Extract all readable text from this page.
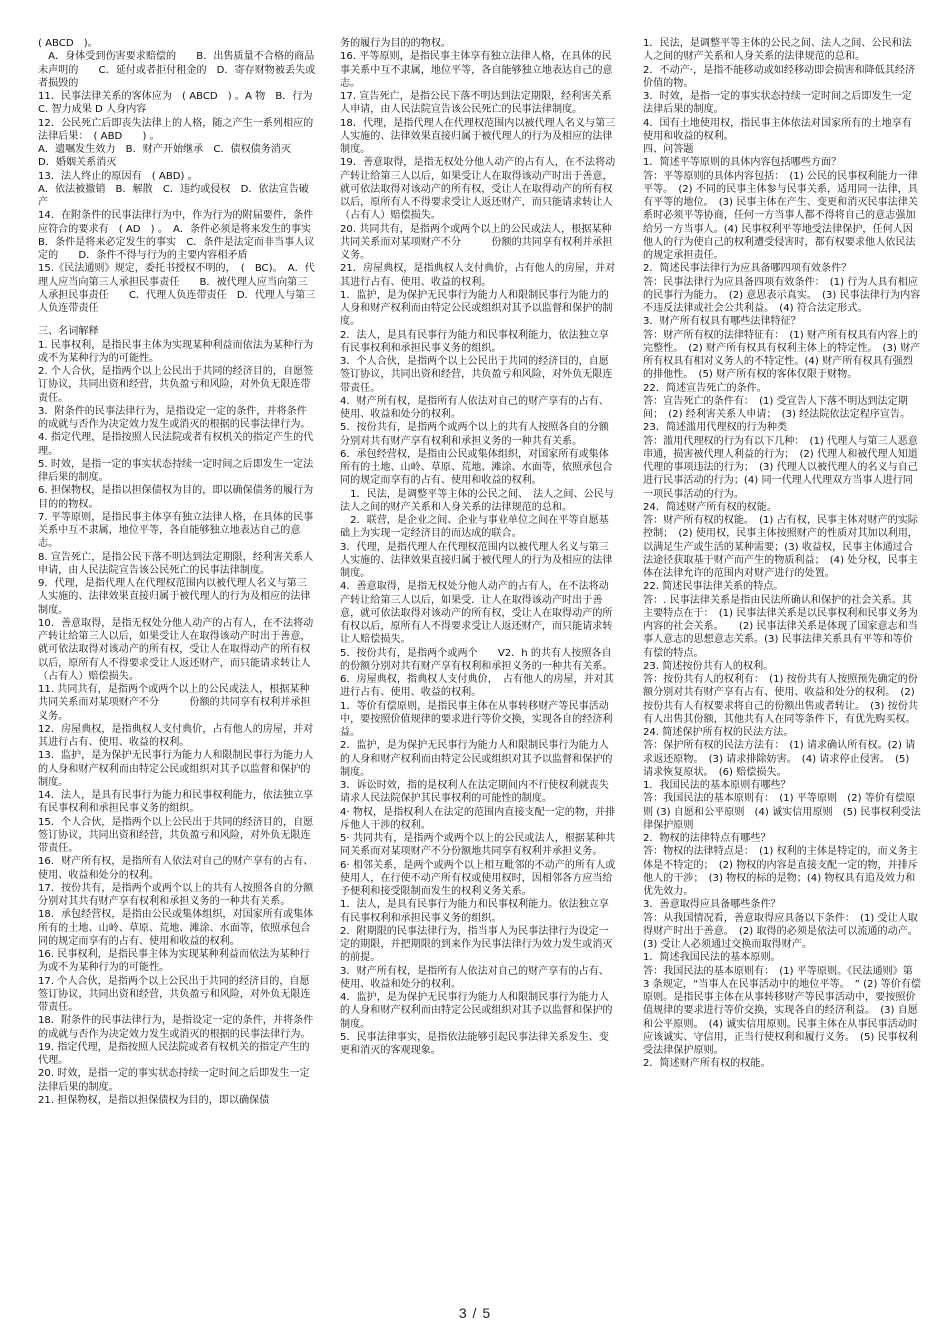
( ABCD　)。

　A．身体受到伤害要求赔偿的　　B．出售质量不合格的商品未声明的　　C．延付或者拒付租金的　D．寄存财物被丢失或者损毁的

11．民事法律关系的客体应为　( ABCD　) 。A 物　B．行为 C. 智力成果 D 人身内容

12．公民死亡后即丧失法律上的人格，随之产生一系列相应的法律后果：　( ABD　　) 。

A．遗嘱发生效力　B．财产开始继承　C．债权债务消灭　D．婚姻关系消灭

13．法人终止的原因有　( ABD) 。

A．依法被撤销　B．解散　C．违约或侵权　D．依法宣告破产

14．在附条件的民事法律行为中，作为行为的附届要件，条件应符合的要求有　( AD　) 。　A．条件必须是将来发生的事实　　B．条件是将来必定发生的事实　C．条件是法定而非当事人议定的　　D．条件不得与行为的主要内容相矛盾

15.《民法通则》规定，委托书授权不明的，　(　BC)。　A．代理人应当向第三人承担民事责任　　B．被代理人应当向第三人承担民事责任　　C．代理人负连带责任　D．代理人与第三人负连带责任

三、名词解释

1. 民事权利，是指民事主体为实现某种利益而依法为某种行为或不为某种行为的可能性。

2. 个人合伙，是指两个以上公民出于共同的经济目的，自愿签订协议，共同出资和经营，共负盈亏和风险，对外负无限连带责任。

3．附条件的民事法律行为，是指设定一定的条件，并将条件的成就与否作为决定效力发生或消灭的根据的民事法律行为。

4. 指定代理，是指按照人民法院或者有权机关的指定产生的代理。

5. 时效，是指一定的事实状态持续一定时间之后即发生一定法律后果的制度。

6. 担保物权，是指以担保债权为目的，即以确保债务的履行为目的的物权。

7. 平等原则，是指民事主体享有独立法律人格，在具体的民事关系中互不隶属，地位平等，各自能够独立地表达自己的意志。

8. 宣告死亡，是指公民下落不明达到法定期限，经利害关系人申请，由人民法院宣告该公民死亡的民事法律制度。

9．代理，是指代理人在代理权范围内以被代理人名义与第三人实施的、法律效果直接归属于被代理人的行为及相应的法律制度。

10．善意取得，是指无权处分他人动产的占有人，在不法将动产转让给第三人以后，如果受让人在取得该动产时出于善意，就可依法取得对该动产的所有权，受让人在取得动产的所有权以后，原所有人不得要求受让人返还财产，而只能请求转让人（占有人）赔偿损失。

11. 共同共有，是指两个或两个以上的公民或法人，根据某种共同关系而对某项财产不分　　　份额的共同享有权利并承担义务。

12．房屋典权，是指典权人支付典价，占有他人的房屋，并对其进行占有、使用、收益的权利。

13．监护，是为保护无民事行为能力人和限制民事行为能力人的人身和财产权利而由特定公民或组织对其予以监督和保护的制度。

14．法人，是具有民事行为能力和民事权利能力，依法独立享有民事权利和承担民事义务的组织。

15．个人合伙，是指两个以上公民出于共同的经济目的，自愿签订协议，共同出资和经营，共负盈亏和风险，对外负无限连带责任。

16．财产所有权，是指所有人依法对自己的财产享有的占有、使用、收益和处分的权利。

17．按份共有，是指两个或两个以上的共有人按照各自的分额分别对其共有财产享有权利和承担义务的一种共有关系。

18．承包经营权，是指由公民或集体组织，对国家所有或集体所有的土地、山岭、草原、荒地、滩涂、水面等，依照承包合同的规定而享有的占有、使用和收益的权利。

16. 民事权利，是指民事主体为实现某种利益而依法为某种行为或不为某种行为的可能性。

17. 个人合伙，是指两个以上公民出于共同的经济目的，自愿签订协议，共同出资和经营，共负盈亏和风险，对外负无限连带责任。

18．附条件的民事法律行为，是指设定一定的条件，并将条件的成就与否作为决定效力发生或消灭的根据的民事法律行为。

19. 指定代理，是指按照人民法院或者有权机关的指定产生的代理。

20. 时效，是指一定的事实状态持续一定时间之后即发生一定法律后果的制度。

21. 担保物权，是指以担保债权为目的，即以确保债

务的履行为目的的物权。

16. 平等原则，是指民事主体享有独立法律人格，在具体的民事关系中互不隶属，地位平等，各自能够独立地表达自己的意志。

17. 宣告死亡，是指公民下落不明达到法定期限，经利害关系人申请，由人民法院宣告该公民死亡的民事法律制度。

18．代理，是指代理人在代理权范围内以被代理人名义与第三人实施的、法律效果直接归属于被代理人的行为及相应的法律制度。

19．善意取得，是指无权处分他人动产的占有人，在不法将动产转让给第三人以后，如果受让人在取得该动产时出于善意，就可依法取得对该动产的所有权，受让人在取得动产的所有权以后，原所有人不得要求受让人返还财产，而只能请求转让人（占有人）赔偿损失。

20. 共同共有，是指两个或两个以上的公民或法人，根据某种共同关系而对某项财产不分　　　份额的共同享有权利并承担义务。

21．房屋典权，是指典权人支付典价，占有他人的房屋，并对其进行占有、使用、收益的权利。

1．监护，是为保护无民事行为能力人和限制民事行为能力的人身和财产权利而由特定公民或组织对其予以监督和保护的制度。

2．法人，是具有民事行为能力和民事权利能力，依法独立享有民事权利和承担民事义务的组织。

3．个人合伙，是指两个以上公民出于共同的经济目的，自愿签订协议，共同出资和经营，共负盈亏和风险，对外负无限连带责任。

4．财产所有权，是指所有人依法对自己的财产享有的占有、使用、收益和处分的权利。

5．按份共有，是指两个或两个以上的共有人按照各自的分额分别对共有财产享有权利和承担义务的一种共有关系。

6．承包经营权，是指由公民或集体组织，对国家所有或集体所有的土地、山岭、草原、荒地、滩涂、水面等，依照承包合同的规定而享有的占有、使用和收益的权利。

　1．民法，是调整平等主体的公民之间、　法人之间、公民与法人之间的财产关系和人身关系的法律规范的总和。

　2．联营，是企业之间、企业与事业单位之间在平等自愿基础上为实现一定经济目的而达成的联合。

3．代理，是指代理人在代理权范围内以被代理人名义与第三人实施的、法律效果直接归属于被代理人的行为及相应的法律制度。

4．善意取得，是指无权处分他人动产的占有人，在不法将动产转让给第三人以后，如果受．让人在取得该动产时出于善意，就可依法取得对该动产的所有权，受让人在取得动产的所有权以后，原所有人不得要求受让人返还财产，而只能请求转让人赔偿损失。

5．按份共有，是指两个或两个　　V2．h 的共有人按照各自的份额分别对共有财产享有权利和承担义务的一种共有关系。

6．房屋典权，指典权人支付典价，　占有他人的房屋，并对其进行占有、使用、收益的权利。

1．等价有偿原则，是指民事主体在从事转移财产等民事活动中，要按照价值规律的要求进行等价交换，实现各自的经济利益。

2．监护，是为保护无民事行为能力人和限制民事行为能力人的人身和财产权利而由特定公民或组织对其予以监督和保护的制度。

3．诉讼时效，指的是权利人在法定期间内不行使权利就丧失请求人民法院保护其民事权利的可能性的制度。

4· 物权，是指权利人在法定的范围内直接支配一定的物，并排斥他人干涉的权利。

5· 共同共有，是指两个或两个以上的公民或法人，根据某种共同关系而对某项财产不分份额地共同享有权利并承担义务。

6· 相邻关系，是两个或两个以上相互毗邻的不动产的所有人或使用人，在行使不动产所有权或使用权时，因相邻各方应当给予便利和接受限制而发生的权利义务关系。

1．法人，是具有民事行为能力和民事权利能力。依法独立享有民事权利和承担民事义务的组织。

2．附期限的民事法律行为，指当事人为民事法律行为设定一定的期限，并把期限的到来作为民事法律行为效力发生或消灭的前提。

3．财产所有权，是指所有人依法对自己的财产享有的占有、使用、收益和处分的权利。

4．监护，是为保护无民事行为能力人和限制民事行为能力人的人身和财产权利而由特定公民或组织对其予以监督和保护的制度。

5．民事法律事实，是指依法能够引起民事法律关系发生、变更和消灭的客观现象。

1．民法，是调整平等主体的公民之间、法人之间、公民和法人之间的财产关系和人身关系的法律规范的总和。

2．不动产·，是指不能移动或如经移动即会损害和降低其经济价值的物。

3．时效，是指一定的事实状态持续一定时间之后即发生一定法律后果的制度。

4．国有土地使用权，指民事主体依法对国家所有的土地享有使用和收益的权利。

四、问答题

1．简述平等原则的具体内容包括哪些方面？

答：平等原则的具体内容包括：　(1) 公民的民事权利能力一律平等。　(2) 不同的民事主体参与民事关系，适用同一法律，具有平等的地位。　(3) 民事主体在产生、变更和消灭民事法律关系时必须平等协商，任何一方当事人都不得将自己的意志强加给另一方当事人。(4) 民事权利平等地受法律保护，任何人因他人的行为使自己的权利遭受侵害时，都有权要求他人依民法的规定承担责任。

2．简述民事法律行为应具备哪四项有效条件？

答：民事法律行为应具备四项有效条件：　(1) 行为人具有相应的民事行为能力。　(2) 意思表示真实。　(3) 民事法律行为内容不违反法律或社会公共利益。　(4) 符合法定形式。

3．财产所有权具有哪些法律特征？

答：财产所有权的法律特征有：　(1) 财产所有权具有内容上的完整性。　(2) 财产所有权具有权利主体上的特定性。　(3) 财产所有权具有相对义务人的不特定性。(4) 财产所有权具有强烈的排他性。　(5) 财产所有权的客体仅限于财物。

22．简述宣告死亡的条件。

答：宣告死亡的条件有：　(1) 受宣告人下落不明达到法定期间；　(2) 经利害关系人申请；　(3) 经法院依法定程序宣告。

23．简述滥用代理权的行为种类

答：滥用代理权的行为有以下几种：　(1) 代理人与第三人恶意串通，损害被代理人利益的行为；　(2) 代理人和被代理人知道代理的事项违法的行为；　(3) 代理人以被代理人的名义与自己进行民事活动的行为；(4) 同一代理人代理双方当事人进行同一项民事活动的行为。

24．简述财产所有权的权能。

答：财产所有权的权能。　(1) 占有权，民事主体对财产的实际控制；　(2) 使用权，民事主体按照财产的性质对其加以利用，以满足生产或生活的某种需要；(3) 收益权，民事主体通过合法途径获取基于财产而产生的物质利益；　(4) 处分权，民事主体在法律允许的范围内对财产进行的处置。

22. 简述民事法律关系的特点。

答：. 民事法律关系是指由民法所确认和保护的社会关系。其主要特点在于：　(1) 民事法律关系是以民事权利和民事义务为内容的社会关系。　　(2) 民事法律关系是体现了国家意志和当事人意志的思想意志关系。(3) 民事法律关系具有平等和等价有偿的特点。

23. 简述按份共有人的权利。

答：按份共有人的权利有：　(1) 按份共有人按照预先确定的份额分别对共有财产享有占有、使用、收益和处分的权利。　(2) 按份共有人有权要求将自己的份额出售或者转让。　(3) 按份共有人出售其份额，其他共有人在同等条件下，有优先购买权。

24. 简述保护所有权的民法方法。

答：保护所有权的民法方法有：　(1) 请求确认所有权。(2) 请求返还原物。　(3) 请求排除妨害。　(4) 请求停止侵害。　(5) 请求恢复原状。　(6) 赔偿损失。

1．我国民法的基本原则有哪些？

答：我国民法的基本原则有：　(1) 平等原则　(2) 等价有偿原则 (3) 自愿和公平原则　(4) 诚实信用原则　(5) 民事权利受法律保护原则

2．物权的法律特点有哪些？

答：物权的法律特点是：　(1) 权利的主体是特定的，而义务主体是不特定的；　(2) 物权的内容是直接支配一定的物，并排斥他人的干涉；　(3) 物权的标的是物；(4) 物权具有追及效力和优先效力。

3．善意取得应具备哪些条件？

答：从我国情况看，善意取得应具备以下条件：　(1) 受让人取得财产时出于善意。　(2) 取得的必须是依法可以流通的动产。　(3) 受让人必须通过交换而取得财产。

1．简述我国民法的基本原则。

答：我国民法的基本原则有：　(1) 平等原则。《民法通则》第 3 条规定，“当事人在民事活动中的地位平等。　” (2) 等价有偿原则。是指民事主体在从事转移财产等民事活动中，要按照价值规律的要求进行等价交换，实现各自的经济利益。　(3) 自愿和公平原则。　(4) 诚实信用原则。民事主体在从事民事活动时应该诚实、守信用，正当行使权利和履行义务。　(5) 民事权利受法律保护原则。

2．简述财产所有权的权能。

3 / 5
